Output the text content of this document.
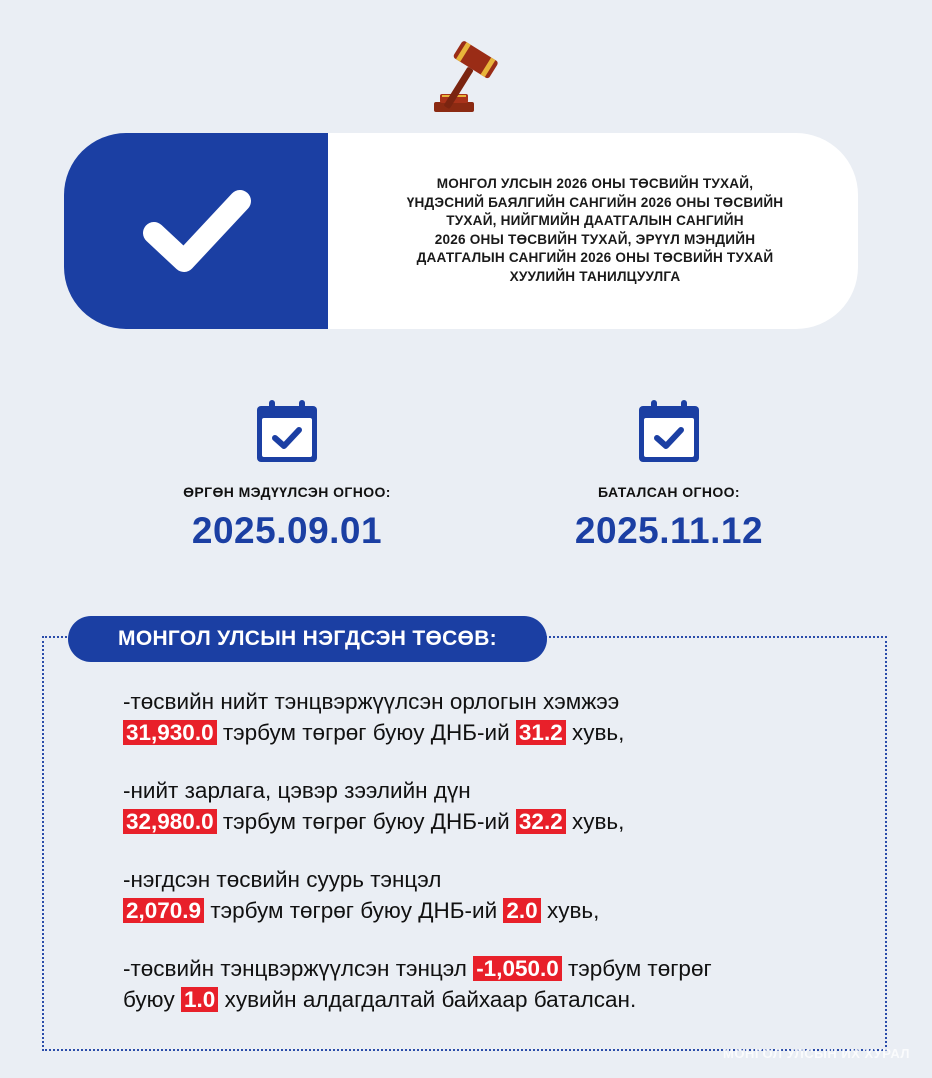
МОНГОЛ УЛСЫН 2026 ОНЫ ТӨСВИЙН ТУХАЙ,
ҮНДЭСНИЙ БАЯЛГИЙН САНГИЙН 2026 ОНЫ ТӨСВИЙН
ТУХАЙ, НИЙГМИЙН ДААТГАЛЫН САНГИЙН
2026 ОНЫ ТӨСВИЙН ТУХАЙ, ЭРҮҮЛ МЭНДИЙН
ДААТГАЛЫН САНГИЙН 2026 ОНЫ ТӨСВИЙН ТУХАЙ
ХУУЛИЙН ТАНИЛЦУУЛГА
ӨРГӨН МЭДҮҮЛСЭН ОГНОО:
2025.09.01
БАТАЛСАН ОГНОО:
2025.11.12
МОНГОЛ УЛСЫН НЭГДСЭН ТӨСӨВ:
-төсвийн нийт тэнцвэржүүлсэн орлогын хэмжээ
31,930.0 тэрбум төгрөг буюу ДНБ-ий 31.2 хувь,
-нийт зарлага, цэвэр зээлийн дүн
32,980.0 тэрбум төгрөг буюу ДНБ-ий 32.2 хувь,
-нэгдсэн төсвийн суурь тэнцэл
2,070.9 тэрбум төгрөг буюу ДНБ-ий 2.0 хувь,
-төсвийн тэнцвэржүүлсэн тэнцэл -1,050.0 тэрбум төгрөг
буюу 1.0 хувийн алдагдалтай байхаар баталсан.
МОНГОЛ УЛСЫН ИХ ХУРАЛ
